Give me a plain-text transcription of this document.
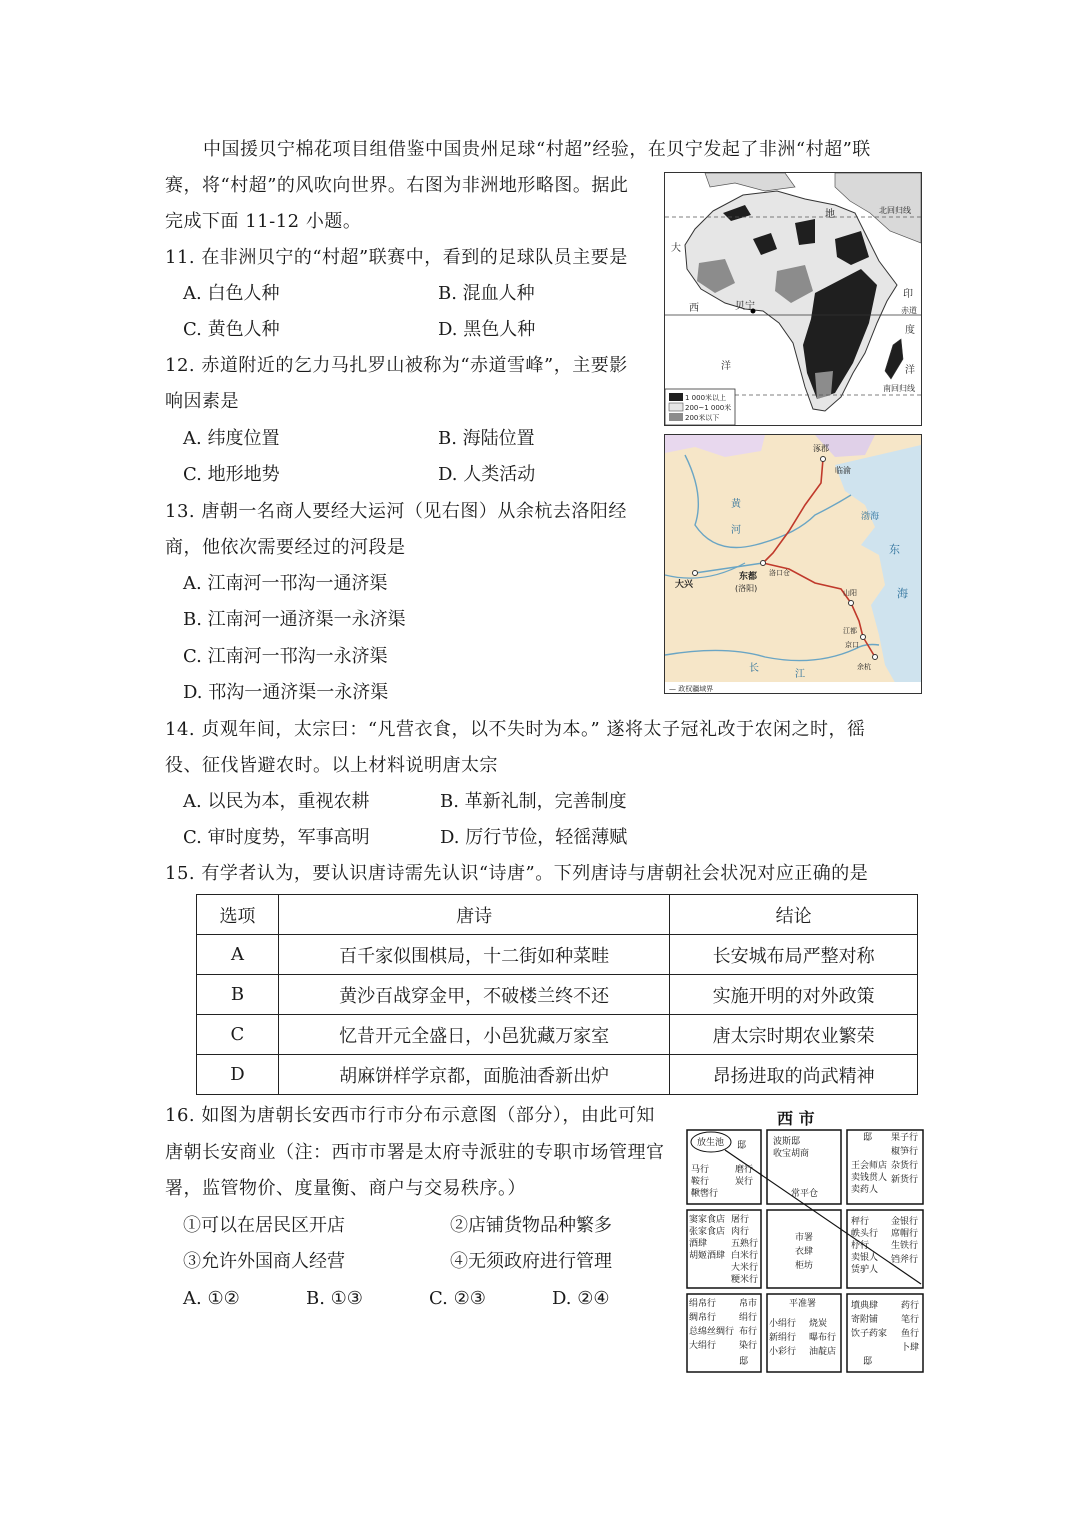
中国援贝宁棉花项目组借鉴中国贵州足球“村超”经验，在贝宁发起了非洲“村超”联
赛，将“村超”的风吹向世界。右图为非洲地形略图。据此
完成下面 11-12 小题。
11. 在非洲贝宁的“村超”联赛中，看到的足球队员主要是
A. 白色人种	B. 混血人种
C. 黄色人种	D. 黑色人种
12. 赤道附近的乞力马扎罗山被称为“赤道雪峰”，主要影
响因素是
A. 纬度位置	B. 海陆位置
C. 地形地势	D. 人类活动
13. 唐朝一名商人要经大运河（见右图）从余杭去洛阳经
商，他依次需要经过的河段是
A. 江南河一邗沟一通济渠
B. 江南河一通济渠一永济渠
C. 江南河一邗沟一永济渠
D. 邗沟一通济渠一永济渠
14. 贞观年间，太宗曰：“凡营衣食，以不失时为本。” 遂将太子冠礼改于农闲之时，徭
役、征伐皆避农时。以上材料说明唐太宗
A. 以民为本，重视农耕	B. 革新礼制，完善制度
C. 审时度势，军事高明	D. 厉行节俭，轻徭薄赋
15. 有学者认为，要认识唐诗需先认识“诗唐”。下列唐诗与唐朝社会状况对应正确的是
选项	唐诗	结论
A	百千家似围棋局，十二街如种菜畦	长安城布局严整对称
B	黄沙百战穿金甲，不破楼兰终不还	实施开明的对外政策
C	忆昔开元全盛日，小邑犹藏万家室	唐太宗时期农业繁荣
D	胡麻饼样学京都，面脆油香新出炉	昂扬进取的尚武精神
16. 如图为唐朝长安西市行市分布示意图（部分），由此可知
唐朝长安商业（注：西市市署是太府寺派驻的专职市场管理官
署，监管物价、度量衡、商户与交易秩序。）
①可以在居民区开店	②店铺货物品种繁多
③允许外国商人经营	④无须政府进行管理
A. ①②	B. ①③	C. ②③	D. ②④
地
大
西	贝宁
洋
印
度
洋
赤道
北回归线
南回归线
1 000米以上
200~1 000米
200米以下
涿郡
临渝
渤海
黄
河
东
海
大兴
东都
(洛阳)
洛口仓
山阳
江都
京口
余杭
长
江
— 政权疆域界
西 市
放生池 邸
马行
鞍行
鞦辔行
磨行
炭行
波斯邸
收宝胡商
常平仓
邸
王会师店
卖钱贯人
卖药人
果子行
椒笋行
杂货行
新货行
窦家食店
张家食店
酒肆
胡姬酒肆
屠行
肉行
五熟行
白米行
大米行
粳米行
市署
衣肆
柜坊
秤行
帙头行
杼行
卖银人
赁驴人
金银行
席帽行
生铁行
铛斧行
绢帛行
绸帛行
总绵丝绸行
大绢行
帛市
绢行
布行
染行
邸
平准署
小绢行
新绢行
小彩行
烧炭
曝布行
油靛店
墳典肆
寄附铺
饮子药家
药行
笔行
鱼行
卜肆
邸
